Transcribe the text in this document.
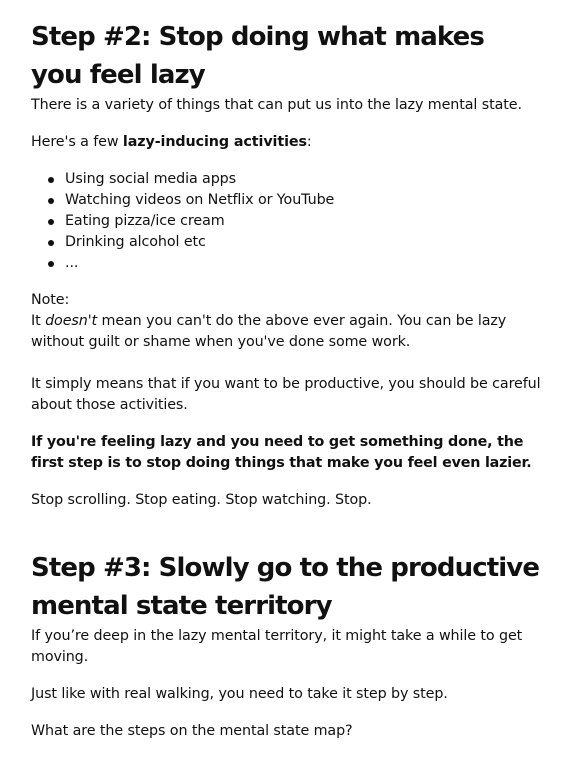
Step #2: Stop doing what makes you feel lazy

There is a variety of things that can put us into the lazy mental state.

Here's a few lazy-inducing activities:

Using social media apps
Watching videos on Netflix or YouTube
Eating pizza/ice cream
Drinking alcohol etc
...
Note:
It doesn't mean you can't do the above ever again. You can be lazy without guilt or shame when you've done some work.

It simply means that if you want to be productive, you should be careful about those activities.

If you're feeling lazy and you need to get something done, the first step is to stop doing things that make you feel even lazier.

Stop scrolling. Stop eating. Stop watching. Stop.

Step #3: Slowly go to the productive mental state territory

If you’re deep in the lazy mental territory, it might take a while to get moving.

Just like with real walking, you need to take it step by step.

What are the steps on the mental state map?
